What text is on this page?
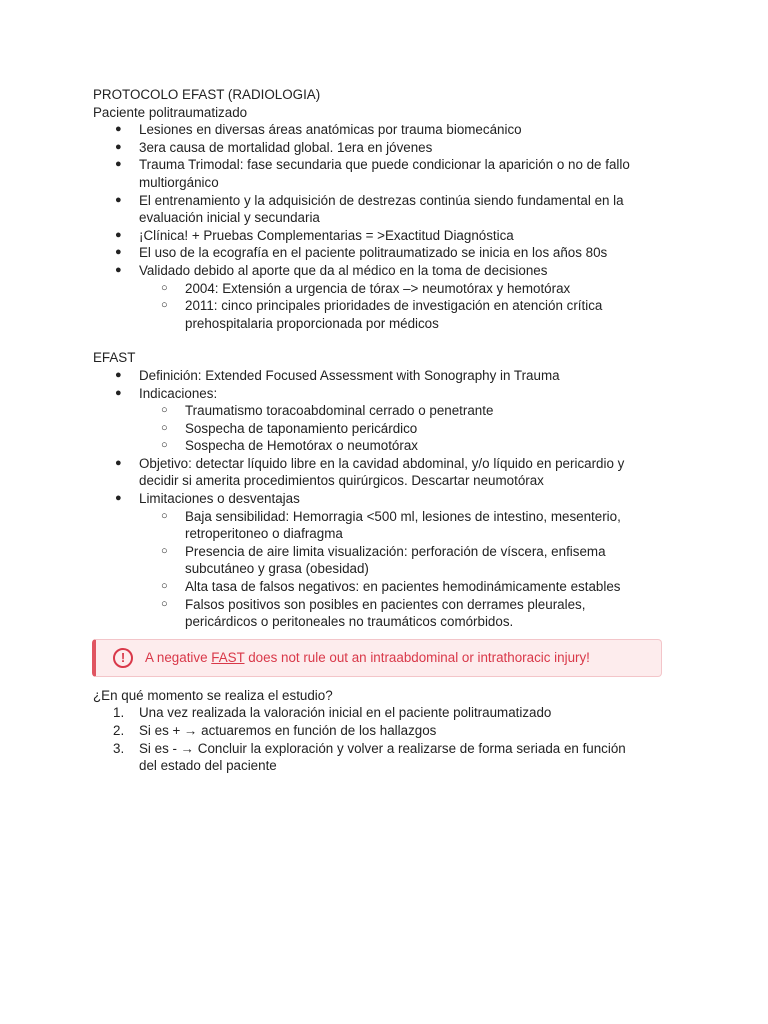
PROTOCOLO EFAST (RADIOLOGIA)

Paciente politraumatizado

● Lesiones en diversas áreas anatómicas por trauma biomecánico
● 3era causa de mortalidad global. 1era en jóvenes
● Trauma Trimodal: fase secundaria que puede condicionar la aparición o no de fallo
multiorgánico
● El entrenamiento y la adquisición de destrezas continúa siendo fundamental en la
evaluación inicial y secundaria
● ¡Clínica! + Pruebas Complementarias = >Exactitud Diagnóstica
● El uso de la ecografía en el paciente politraumatizado se inicia en los años 80s
● Validado debido al aporte que da al médico en la toma de decisiones
○ 2004: Extensión a urgencia de tórax –> neumotórax y hemotórax
○ 2011: cinco principales prioridades de investigación en atención crítica
prehospitalaria proporcionada por médicos

EFAST

● Definición: Extended Focused Assessment with Sonography in Trauma
● Indicaciones:
○ Traumatismo toracoabdominal cerrado o penetrante
○ Sospecha de taponamiento pericárdico
○ Sospecha de Hemotórax o neumotórax
● Objetivo: detectar líquido libre en la cavidad abdominal, y/o líquido en pericardio y
decidir si amerita procedimientos quirúrgicos. Descartar neumotórax
● Limitaciones o desventajas
○ Baja sensibilidad: Hemorragia <500 ml, lesiones de intestino, mesenterio,
retroperitoneo o diafragma
○ Presencia de aire limita visualización: perforación de víscera, enfisema
subcutáneo y grasa (obesidad)
○ Alta tasa de falsos negativos: en pacientes hemodinámicamente estables
○ Falsos positivos son posibles en pacientes con derrames pleurales,
pericárdicos o peritoneales no traumáticos comórbidos.
!	A negative FAST does not rule out an intraabdominal or intrathoracic injury!

¿En qué momento se realiza el estudio?

1. Una vez realizada la valoración inicial en el paciente politraumatizado
2. Si es + → actuaremos en función de los hallazgos
3. Si es - → Concluir la exploración y volver a realizarse de forma seriada en función
del estado del paciente
